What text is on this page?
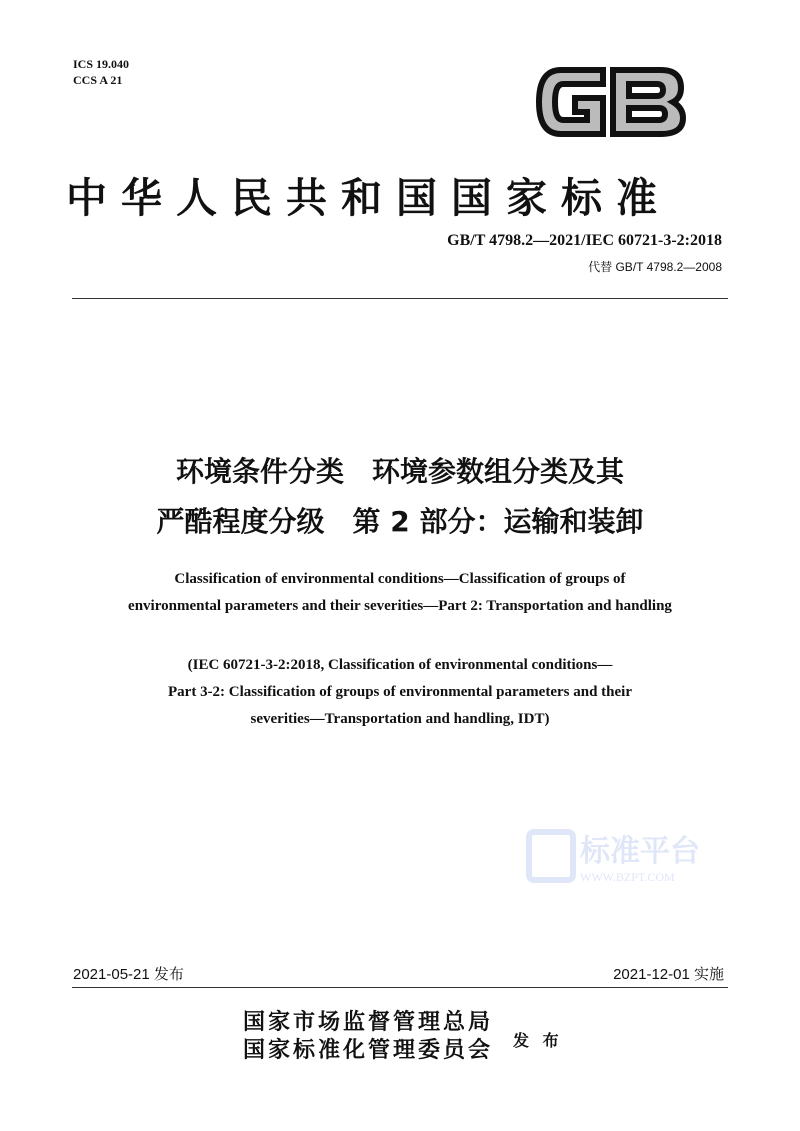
ICS 19.040
CCS A 21
中华人民共和国国家标准
GB/T 4798.2—2021/IEC 60721-3-2:2018
代替 GB/T 4798.2—2008
环境条件分类　环境参数组分类及其
严酷程度分级　第 2 部分：运输和装卸
Classification of environmental conditions—Classification of groups of
environmental parameters and their severities—Part 2: Transportation and handling
(IEC 60721-3-2:2018, Classification of environmental conditions—
Part 3-2: Classification of groups of environmental parameters and their
severities—Transportation and handling, IDT)
标准平台
WWW.BZPT.COM
2021-05-21 发布	2021-12-01 实施
国家市场监督管理总局
国家标准化管理委员会 发 布
